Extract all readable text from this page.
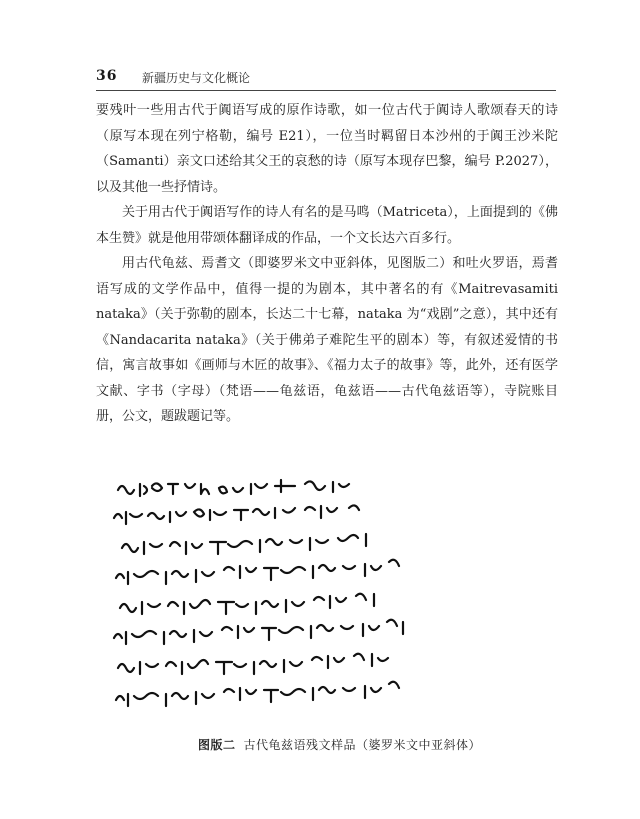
36 新疆历史与文化概论

要残叶一些用古代于阗语写成的原作诗歌，如一位古代于阗诗人歌颂春天的诗（原写本现在列宁格勒，编号 E21），一位当时羁留日本沙州的于阗王沙米陀（Samanti）亲文口述给其父王的哀愁的诗（原写本现存巴黎，编号 P.2027），以及其他一些抒情诗。

关于用古代于阗语写作的诗人有名的是马鸣（Matriceta），上面提到的《佛本生赞》就是他用带颂体翻译成的作品，一个文长达六百多行。

用古代龟兹、焉耆文（即婆罗米文中亚斜体，见图版二）和吐火罗语，焉耆语写成的文学作品中，值得一提的为剧本，其中著名的有《Maitrevasamiti nataka》（关于弥勒的剧本，长达二十七幕，nataka 为“戏剧”之意），其中还有《Nandacarita nataka》（关于佛弟子难陀生平的剧本）等，有叙述爱情的书信，寓言故事如《画师与木匠的故事》、《福力太子的故事》等，此外，还有医学文献、字书（字母）（梵语——龟兹语，龟兹语——古代龟兹语等），寺院账目册，公文，题跋题记等。

图版二 古代龟兹语残文样品（婆罗米文中亚斜体）
